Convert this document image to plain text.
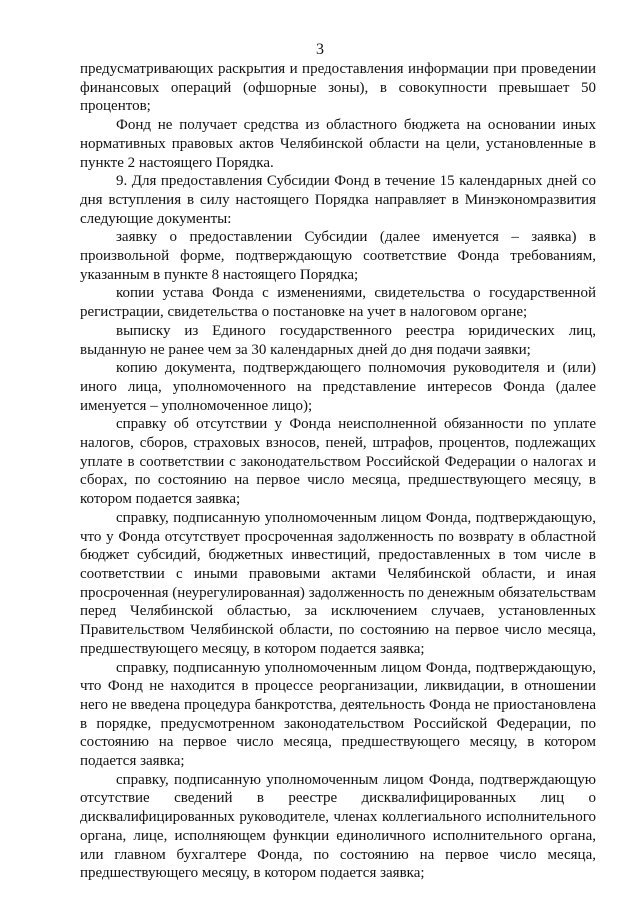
3

предусматривающих раскрытия и предоставления информации при проведении финансовых операций (офшорные зоны), в совокупности превышает 50 процентов;

Фонд не получает средства из областного бюджета на основании иных нормативных правовых актов Челябинской области на цели, установленные в пункте 2 настоящего Порядка.

9. Для предоставления Субсидии Фонд в течение 15 календарных дней со дня вступления в силу настоящего Порядка направляет в Минэкономразвития следующие документы:

заявку о предоставлении Субсидии (далее именуется – заявка) в произвольной форме, подтверждающую соответствие Фонда требованиям, указанным в пункте 8 настоящего Порядка;

копии устава Фонда с изменениями, свидетельства о государственной регистрации, свидетельства о постановке на учет в налоговом органе;

выписку из Единого государственного реестра юридических лиц, выданную не ранее чем за 30 календарных дней до дня подачи заявки;

копию документа, подтверждающего полномочия руководителя и (или) иного лица, уполномоченного на представление интересов Фонда (далее именуется – уполномоченное лицо);

справку об отсутствии у Фонда неисполненной обязанности по уплате налогов, сборов, страховых взносов, пеней, штрафов, процентов, подлежащих уплате в соответствии с законодательством Российской Федерации о налогах и сборах, по состоянию на первое число месяца, предшествующего месяцу, в котором подается заявка;

справку, подписанную уполномоченным лицом Фонда, подтверждающую, что у Фонда отсутствует просроченная задолженность по возврату в областной бюджет субсидий, бюджетных инвестиций, предоставленных в том числе в соответствии с иными правовыми актами Челябинской области, и иная просроченная (неурегулированная) задолженность по денежным обязательствам перед Челябинской областью, за исключением случаев, установленных Правительством Челябинской области, по состоянию на первое число месяца, предшествующего месяцу, в котором подается заявка;

справку, подписанную уполномоченным лицом Фонда, подтверждающую, что Фонд не находится в процессе реорганизации, ликвидации, в отношении него не введена процедура банкротства, деятельность Фонда не приостановлена в порядке, предусмотренном законодательством Российской Федерации, по состоянию на первое число месяца, предшествующего месяцу, в котором подается заявка;

справку, подписанную уполномоченным лицом Фонда, подтверждающую отсутствие сведений в реестре дисквалифицированных лиц о дисквалифицированных руководителе, членах коллегиального исполнительного органа, лице, исполняющем функции единоличного исполнительного органа, или главном бухгалтере Фонда, по состоянию на первое число месяца, предшествующего месяцу, в котором подается заявка;
